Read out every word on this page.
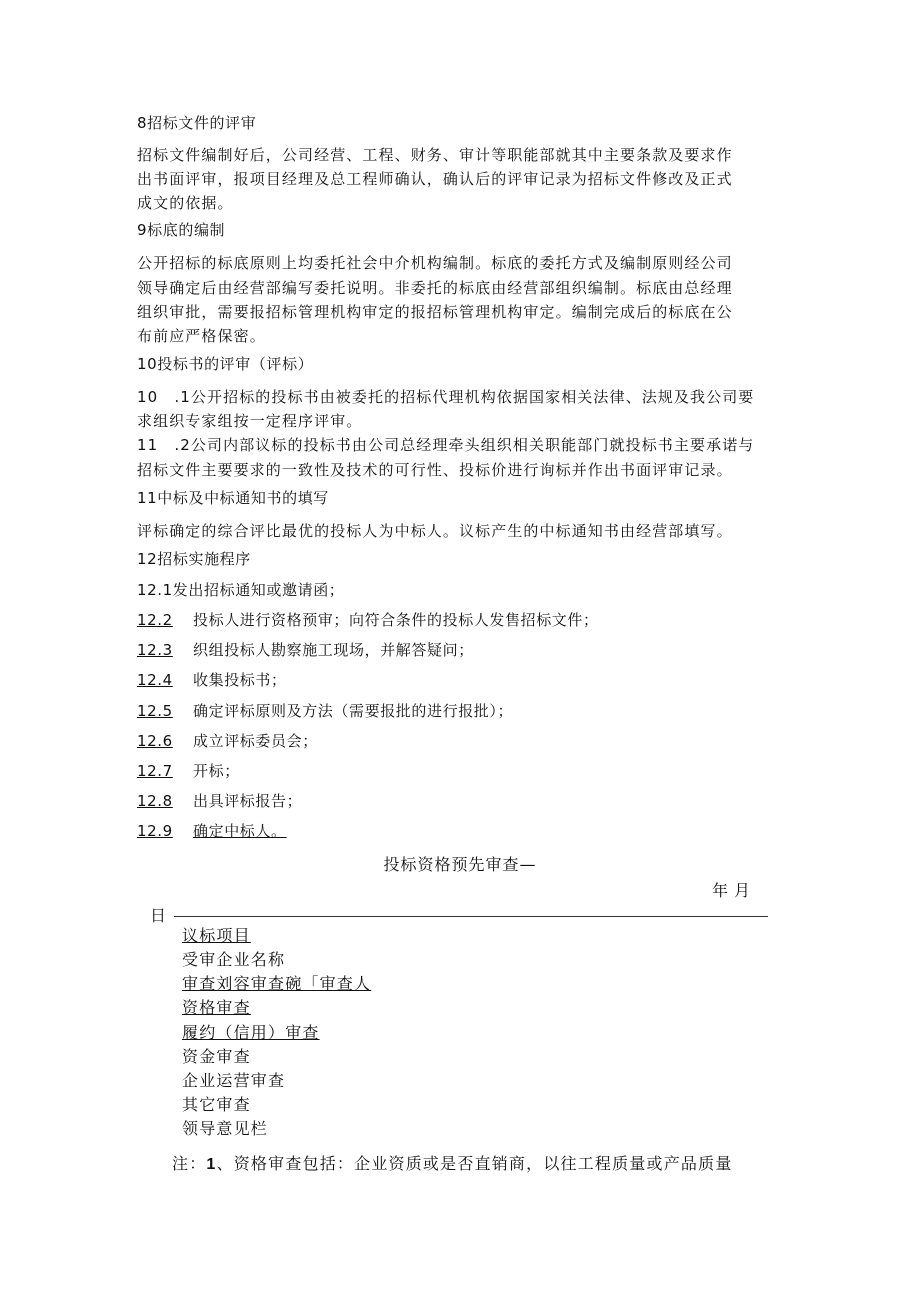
8招标文件的评审
招标文件编制好后，公司经营、工程、财务、审计等职能部就其中主要条款及要求作
出书面评审，报项目经理及总工程师确认，确认后的评审记录为招标文件修改及正式
成文的依据。
9标底的编制
公开招标的标底原则上均委托社会中介机构编制。标底的委托方式及编制原则经公司
领导确定后由经营部编写委托说明。非委托的标底由经营部组织编制。标底由总经理
组织审批，需要报招标管理机构审定的报招标管理机构审定。编制完成后的标底在公
布前应严格保密。
10投标书的评审（评标）
10　.1公开招标的投标书由被委托的招标代理机构依据国家相关法律、法规及我公司要
求组织专家组按一定程序评审。
11　.2公司内部议标的投标书由公司总经理牵头组织相关职能部门就投标书主要承诺与
招标文件主要要求的一致性及技术的可行性、投标价进行询标并作出书面评审记录。
11中标及中标通知书的填写
评标确定的综合评比最优的投标人为中标人。议标产生的中标通知书由经营部填写。
12招标实施程序
12.1发出招标通知或邀请函；
12.2 投标人进行资格预审；向符合条件的投标人发售招标文件；
12.3 织组投标人勘察施工现场，并解答疑问；
12.4 收集投标书；
12.5 确定评标原则及方法（需要报批的进行报批）；
12.6 成立评标委员会；
12.7 开标；
12.8 出具评标报告；
12.9 确定中标人。
投标资格预先审查—
年月
日
议标项目
受审企业名称
审查刘容审查碗「审查人
资格审查
履约（信用）审查
资金审查
企业运营审查
其它审查
领导意见栏
注：1、资格审查包括：企业资质或是否直销商，以往工程质量或产品质量
